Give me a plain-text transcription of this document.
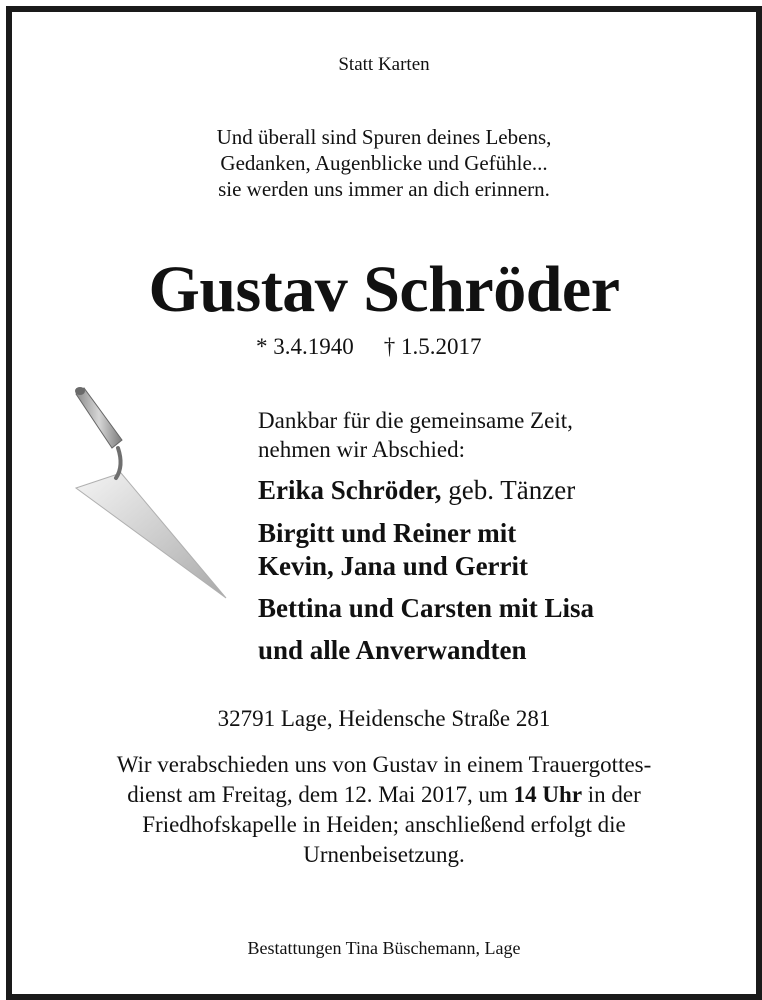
Statt Karten

Und überall sind Spuren deines Lebens,
Gedanken, Augenblicke und Gefühle...
sie werden uns immer an dich erinnern.
Gustav Schröder
* 3.4.1940 † 1.5.2017
Dankbar für die gemeinsame Zeit,
nehmen wir Abschied:
Erika Schröder, geb. Tänzer
Birgitt und Reiner mit
Kevin, Jana und Gerrit
Bettina und Carsten mit Lisa
und alle Anverwandten

32791 Lage, Heidensche Straße 281

Wir verabschieden uns von Gustav in einem Trauergottes-
dienst am Freitag, dem 12. Mai 2017, um 14 Uhr in der
Friedhofskapelle in Heiden; anschließend erfolgt die
Urnenbeisetzung.

Bestattungen Tina Büschemann, Lage
